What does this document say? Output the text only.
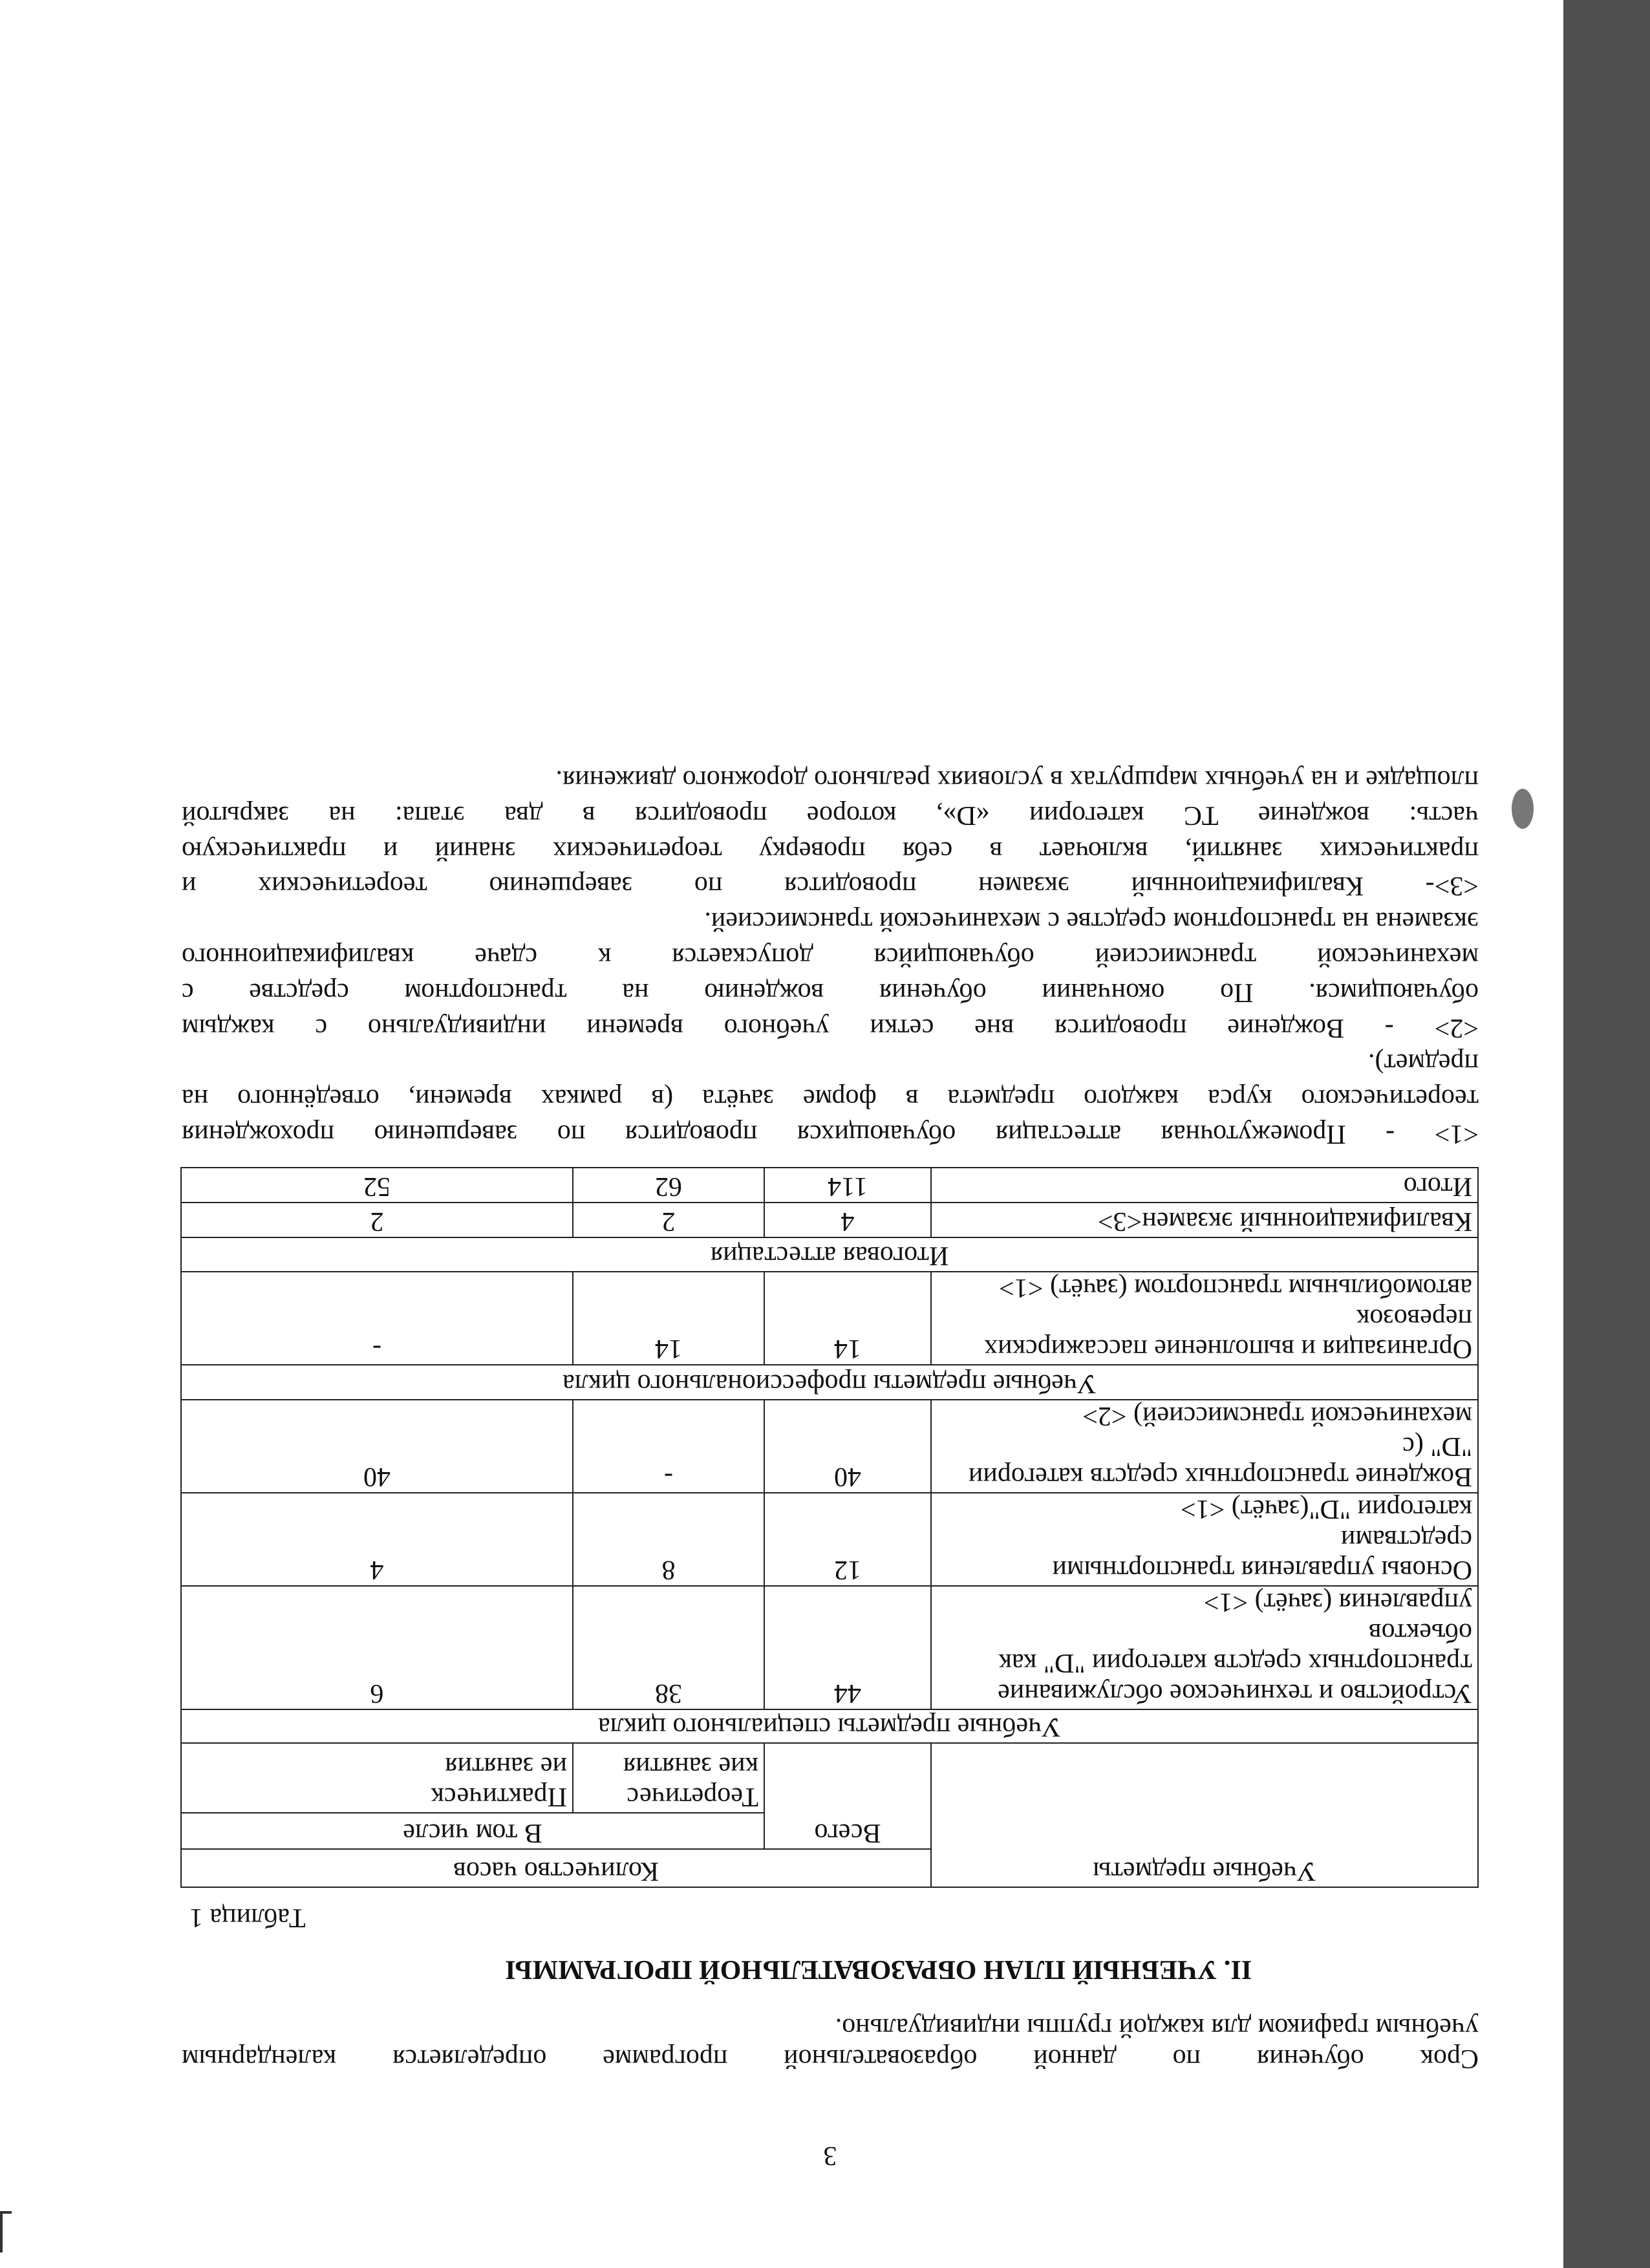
3
Срок обучения по данной образовательной программе определяется календарным
учебным графиком для каждой группы индивидуально.
II. УЧЕБНЫЙ ПЛАН ОБРАЗОВАТЕЛЬНОЙ ПРОГРАММЫ
Таблица 1
Учебные предметы	Количество часов		
	Всего	В том числе	
		Теоретичес
кие занятия	Практическ
ие занятия
Учебные предметы специального цикла			
Устройство и техническое обслуживание
транспортных средств категории "D" как объектов
управления (зачёт) <1>	44	38	6
Основы управления транспортными средствами
категории "D"(зачёт) <1>	12	8	4
Вождение транспортных средств категории "D" (с
механической трансмиссией) <2>	40	-	40
Учебные предметы профессионального цикла			
Организация и выполнение пассажирских перевозок
автомобильным транспортом (зачёт) <1>	14	14	-
Итоговая аттестация			
Квалификационный экзамен<3>	4	2	2
Итого	114	62	52
<1> - Промежуточная аттестация обучающихся проводится по завершению прохождения
теоретического курса каждого предмета в форме зачёта (в рамках времени, отведённого на
предмет).
<2> - Вождение проводится вне сетки учебного времени индивидуально с каждым
обучающимся. По окончании обучения вождению на транспортном средстве с
механической трансмиссией обучающийся допускается к сдаче квалификационного
экзамена на транспортном средстве с механической трансмиссией.
<3>- Квалификационный экзамен проводится по завершению теоретических и
практических занятий, включает в себя проверку теоретических знаний и практическую
часть: вождение ТС категории «D», которое проводится в два этапа: на закрытой
площадке и на учебных маршрутах в условиях реального дорожного движения.
